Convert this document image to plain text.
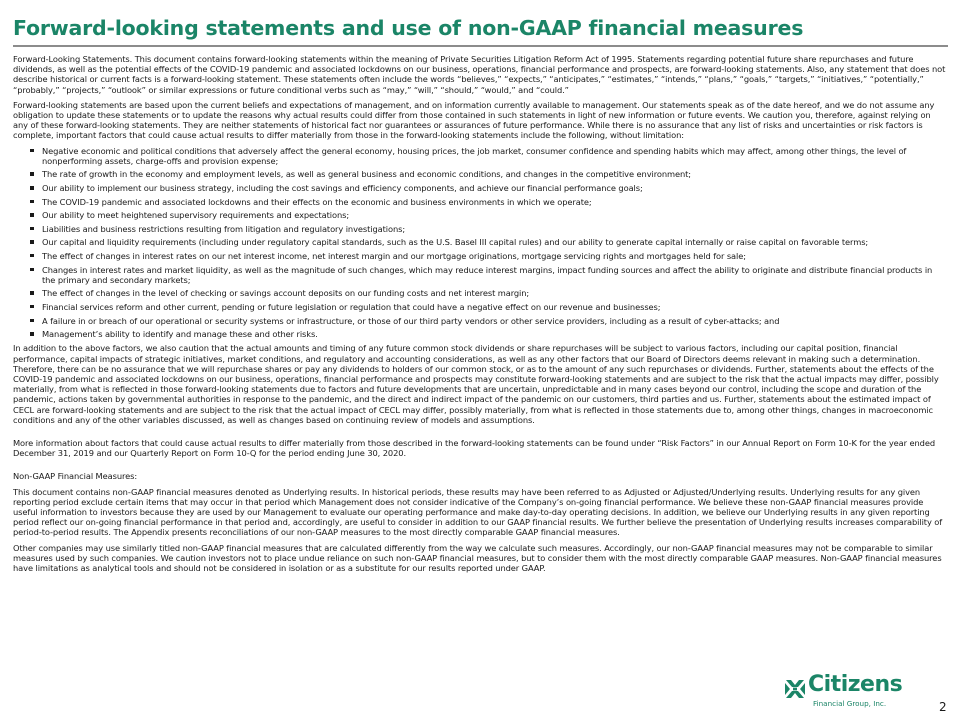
Forward-looking statements and use of non-GAAP financial measures

Forward-Looking Statements. This document contains forward-looking statements within the meaning of Private Securities Litigation Reform Act of 1995. Statements regarding potential future share repurchases and future dividends, as well as the potential effects of the COVID-19 pandemic and associated lockdowns on our business, operations, financial performance and prospects, are forward-looking statements. Also, any statement that does not describe historical or current facts is a forward-looking statement. These statements often include the words “believes,” “expects,” “anticipates,” “estimates,” “intends,” “plans,” “goals,” “targets,” “initiatives,” “potentially,” “probably,” “projects,” “outlook” or similar expressions or future conditional verbs such as “may,” “will,” “should,” “would,” and “could.”

Forward-looking statements are based upon the current beliefs and expectations of management, and on information currently available to management. Our statements speak as of the date hereof, and we do not assume any obligation to update these statements or to update the reasons why actual results could differ from those contained in such statements in light of new information or future events. We caution you, therefore, against relying on any of these forward-looking statements. They are neither statements of historical fact nor guarantees or assurances of future performance. While there is no assurance that any list of risks and uncertainties or risk factors is complete, important factors that could cause actual results to differ materially from those in the forward-looking statements include the following, without limitation:

Negative economic and political conditions that adversely affect the general economy, housing prices, the job market, consumer confidence and spending habits which may affect, among other things, the level of nonperforming assets, charge-offs and provision expense;
The rate of growth in the economy and employment levels, as well as general business and economic conditions, and changes in the competitive environment;
Our ability to implement our business strategy, including the cost savings and efficiency components, and achieve our financial performance goals;
The COVID-19 pandemic and associated lockdowns and their effects on the economic and business environments in which we operate;
Our ability to meet heightened supervisory requirements and expectations;
Liabilities and business restrictions resulting from litigation and regulatory investigations;
Our capital and liquidity requirements (including under regulatory capital standards, such as the U.S. Basel III capital rules) and our ability to generate capital internally or raise capital on favorable terms;
The effect of changes in interest rates on our net interest income, net interest margin and our mortgage originations, mortgage servicing rights and mortgages held for sale;
Changes in interest rates and market liquidity, as well as the magnitude of such changes, which may reduce interest margins, impact funding sources and affect the ability to originate and distribute financial products in the primary and secondary markets;
The effect of changes in the level of checking or savings account deposits on our funding costs and net interest margin;
Financial services reform and other current, pending or future legislation or regulation that could have a negative effect on our revenue and businesses;
A failure in or breach of our operational or security systems or infrastructure, or those of our third party vendors or other service providers, including as a result of cyber-attacks; and
Management’s ability to identify and manage these and other risks.

In addition to the above factors, we also caution that the actual amounts and timing of any future common stock dividends or share repurchases will be subject to various factors, including our capital position, financial performance, capital impacts of strategic initiatives, market conditions, and regulatory and accounting considerations, as well as any other factors that our Board of Directors deems relevant in making such a determination. Therefore, there can be no assurance that we will repurchase shares or pay any dividends to holders of our common stock, or as to the amount of any such repurchases or dividends. Further, statements about the effects of the COVID-19 pandemic and associated lockdowns on our business, operations, financial performance and prospects may constitute forward-looking statements and are subject to the risk that the actual impacts may differ, possibly materially, from what is reflected in those forward-looking statements due to factors and future developments that are uncertain, unpredictable and in many cases beyond our control, including the scope and duration of the pandemic, actions taken by governmental authorities in response to the pandemic, and the direct and indirect impact of the pandemic on our customers, third parties and us. Further, statements about the estimated impact of CECL are forward-looking statements and are subject to the risk that the actual impact of CECL may differ, possibly materially, from what is reflected in those statements due to, among other things, changes in macroeconomic conditions and any of the other variables discussed, as well as changes based on continuing review of models and assumptions.

More information about factors that could cause actual results to differ materially from those described in the forward-looking statements can be found under “Risk Factors” in our Annual Report on Form 10-K for the year ended December 31, 2019 and our Quarterly Report on Form 10-Q for the period ending June 30, 2020.

Non-GAAP Financial Measures:

This document contains non-GAAP financial measures denoted as Underlying results. In historical periods, these results may have been referred to as Adjusted or Adjusted/Underlying results. Underlying results for any given reporting period exclude certain items that may occur in that period which Management does not consider indicative of the Company’s on-going financial performance. We believe these non-GAAP financial measures provide useful information to investors because they are used by our Management to evaluate our operating performance and make day-to-day operating decisions. In addition, we believe our Underlying results in any given reporting period reflect our on-going financial performance in that period and, accordingly, are useful to consider in addition to our GAAP financial results. We further believe the presentation of Underlying results increases comparability of period-to-period results. The Appendix presents reconciliations of our non-GAAP measures to the most directly comparable GAAP financial measures.

Other companies may use similarly titled non-GAAP financial measures that are calculated differently from the way we calculate such measures. Accordingly, our non-GAAP financial measures may not be comparable to similar measures used by such companies. We caution investors not to place undue reliance on such non-GAAP financial measures, but to consider them with the most directly comparable GAAP measures. Non-GAAP financial measures have limitations as analytical tools and should not be considered in isolation or as a substitute for our results reported under GAAP.

Citizens
Financial Group, Inc.	2
